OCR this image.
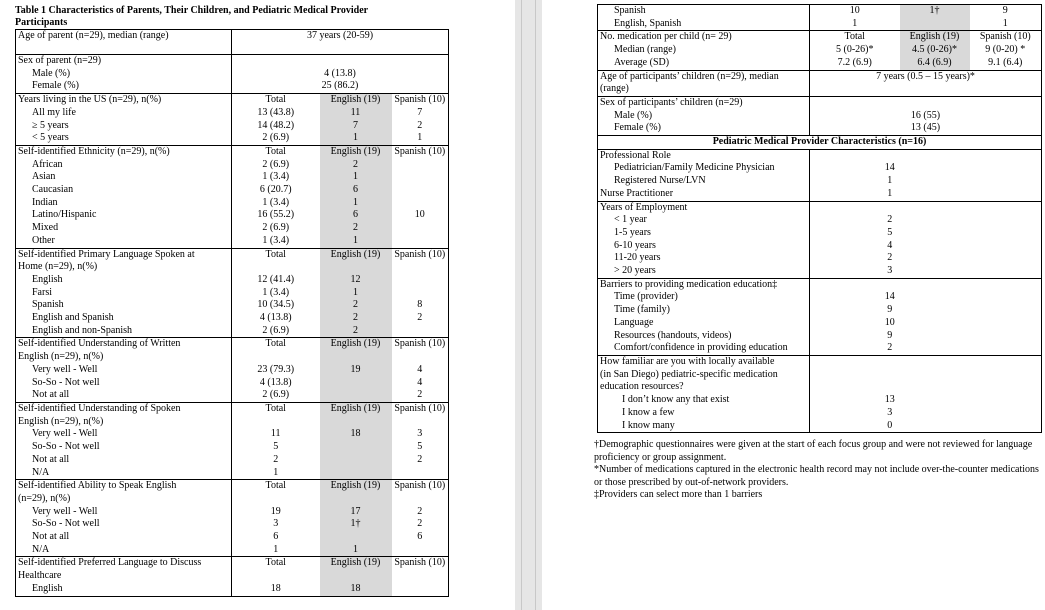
Table 1 Characteristics of Parents, Their Children, and Pediatric Medical Provider
Participants
Age of parent (n=29), median (range)	37 years (20-59)		
Sex of parent (n=29)			
Male (%)	4 (13.8)		
Female (%)	25 (86.2)		
Years living in the US (n=29), n(%)	Total	English (19)	Spanish (10)
All my life	13 (43.8)	11	7
≥ 5 years	14 (48.2)	7	2
< 5 years	2 (6.9)	1	1
Self-identified Ethnicity (n=29), n(%)	Total	English (19)	Spanish (10)
African	2 (6.9)	2	
Asian	1 (3.4)	1	
Caucasian	6 (20.7)	6	
Indian	1 (3.4)	1	
Latino/Hispanic	16 (55.2)	6	10
Mixed	2 (6.9)	2	
Other	1 (3.4)	1	
Self-identified Primary Language Spoken at	Total	English (19)	Spanish (10)
Home (n=29), n(%)			
English	12 (41.4)	12	
Farsi	1 (3.4)	1	
Spanish	10 (34.5)	2	8
English and Spanish	4 (13.8)	2	2
English and non-Spanish	2 (6.9)	2	
Self-identified Understanding of Written	Total	English (19)	Spanish (10)
English (n=29), n(%)			
Very well - Well	23 (79.3)	19	4
So-So - Not well	4 (13.8)		4
Not at all	2 (6.9)		2
Self-identified Understanding of Spoken	Total	English (19)	Spanish (10)
English (n=29), n(%)			
Very well - Well	11	18	3
So-So - Not well	5		5
Not at all	2		2
N/A	1		
Self-identified Ability to Speak English	Total	English (19)	Spanish (10)
(n=29), n(%)			
Very well - Well	19	17	2
So-So - Not well	3	1†	2
Not at all	6		6
N/A	1	1	
Self-identified Preferred Language to Discuss	Total	English (19)	Spanish (10)
Healthcare			
English	18	18	
Spanish	10	1†	9
English, Spanish	1		1
No. medication per child (n= 29)	Total	English (19)	Spanish (10)
Median (range)	5 (0-26)*	4.5 (0-26)*	9 (0-20) *
Average (SD)	7.2 (6.9)	6.4 (6.9)	9.1 (6.4)
Age of participants’ children (n=29), median	7 years (0.5 – 15 years)*		
(range)			
Sex of participants’ children (n=29)			
Male (%)	16 (55)		
Female (%)	13 (45)		
Pediatric Medical Provider Characteristics (n=16)			
Professional Role			
Pediatrician/Family Medicine Physician	14		
Registered Nurse/LVN	1		
Nurse Practitioner	1		
Years of Employment			
< 1 year	2		
1-5 years	5		
6-10 years	4		
11-20 years	2		
> 20 years	3		
Barriers to providing medication education‡			
Time (provider)	14		
Time (family)	9		
Language	10		
Resources (handouts, videos)	9		
Comfort/confidence in providing education	2		
How familiar are you with locally available			
(in San Diego) pediatric-specific medication			
education resources?			
I don’t know any that exist	13		
I know a few	3		
I know many	0		
†Demographic questionnaires were given at the start of each focus group and were not reviewed for language proficiency or group assignment.
*Number of medications captured in the electronic health record may not include over-the-counter medications or those prescribed by out-of-network providers.
‡Providers can select more than 1 barriers
